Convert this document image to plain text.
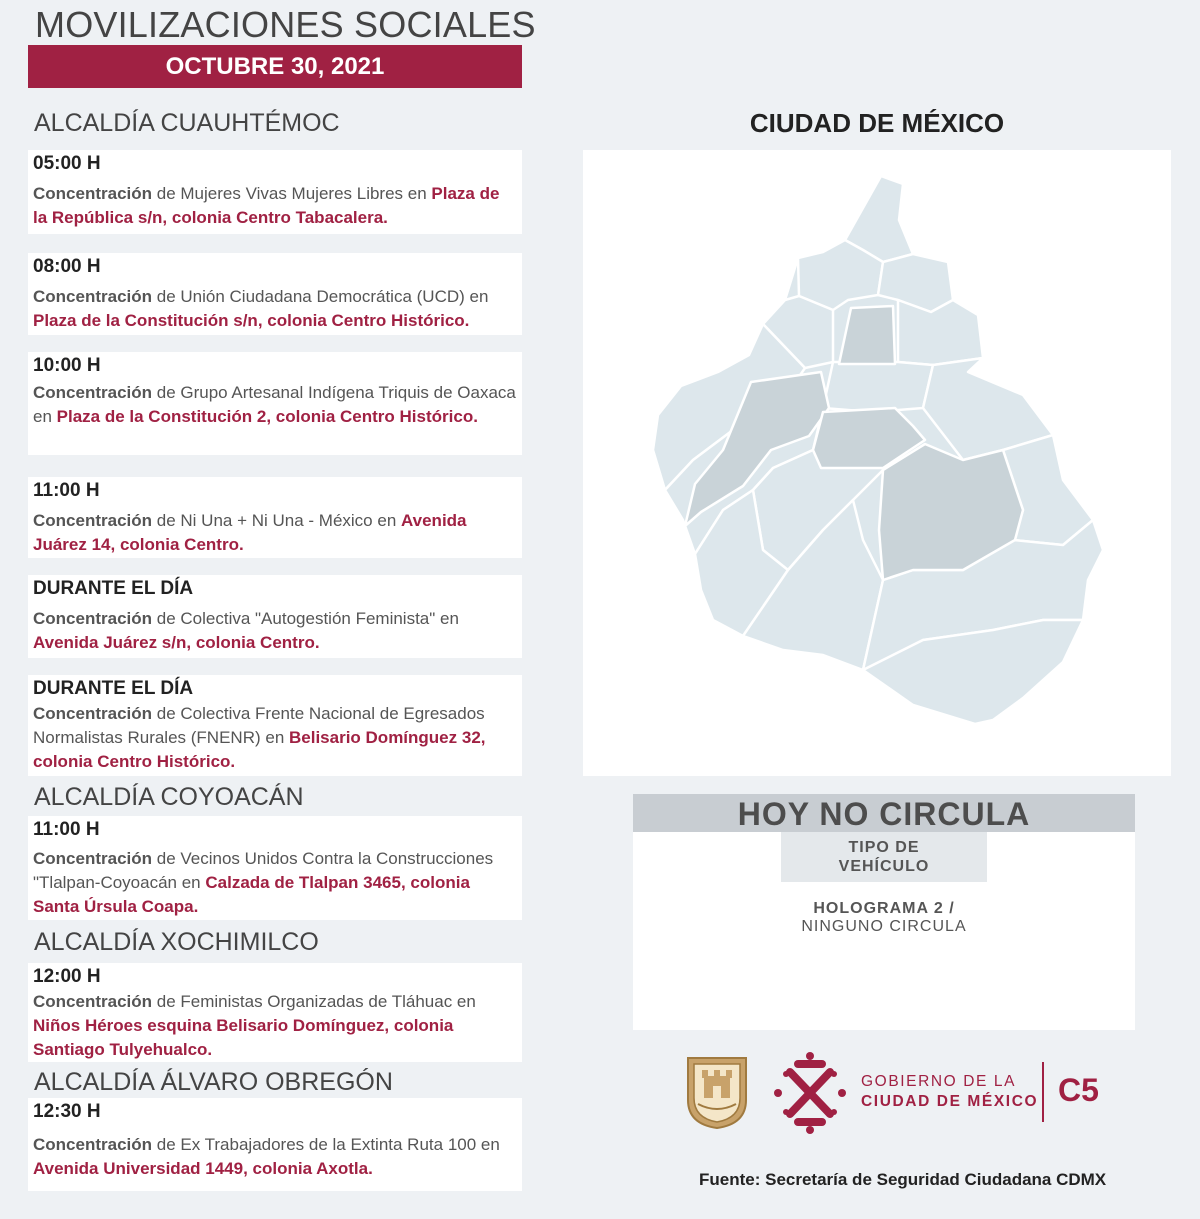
MOVILIZACIONES SOCIALES
OCTUBRE 30, 2021
ALCALDÍA CUAUHTÉMOC
05:00 H
Concentración de Mujeres Vivas Mujeres Libres en Plaza de la República s/n, colonia Centro Tabacalera.
08:00 H
Concentración de Unión Ciudadana Democrática (UCD) en Plaza de la Constitución s/n, colonia Centro Histórico.
10:00 H
Concentración de Grupo Artesanal Indígena Triquis de Oaxaca en Plaza de la Constitución 2, colonia Centro Histórico.
11:00 H
Concentración de Ni Una + Ni Una - México en Avenida Juárez 14, colonia Centro.
DURANTE EL DÍA
Concentración de Colectiva "Autogestión Feminista" en Avenida Juárez s/n, colonia Centro.
DURANTE EL DÍA
Concentración de Colectiva Frente Nacional de Egresados Normalistas Rurales (FNENR) en Belisario Domínguez 32, colonia Centro Histórico.
ALCALDÍA COYOACÁN
11:00 H
Concentración de Vecinos Unidos Contra la Construcciones "Tlalpan-Coyoacán en Calzada de Tlalpan 3465, colonia Santa Úrsula Coapa.
ALCALDÍA XOCHIMILCO
12:00 H
Concentración de Feministas Organizadas de Tláhuac en Niños Héroes esquina Belisario Domínguez, colonia Santiago Tulyehualco.
ALCALDÍA ÁLVARO OBREGÓN
12:30 H
Concentración de Ex Trabajadores de la Extinta Ruta 100 en Avenida Universidad 1449, colonia Axotla.
CIUDAD DE MÉXICO
HOY NO CIRCULA
TIPO DE
VEHÍCULO
HOLOGRAMA 2 /
NINGUNO CIRCULA
GOBIERNO DE LA
CIUDAD DE MÉXICO C5
Fuente: Secretaría de Seguridad Ciudadana CDMX
